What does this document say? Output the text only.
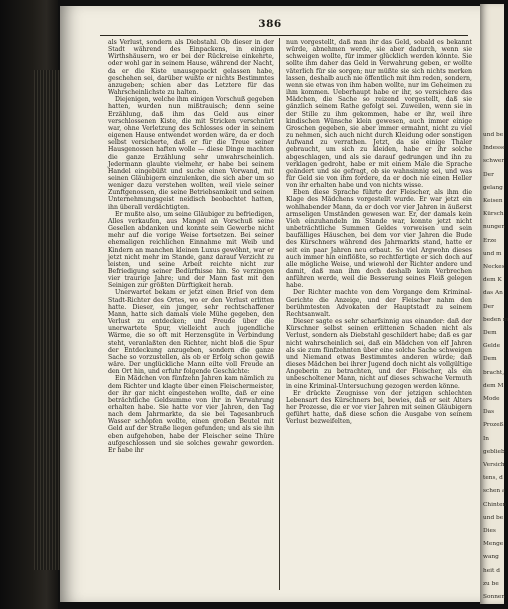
386

als Verlust, sondern als Diebstahl. Ob dieser in der Stadt während des Einpackens, in einigen Wirthshäusern, wo er bei der Rückreise einkehrte, oder wohl gar in seinem Hause, während der Nacht, da er die Kiste unausgepackt gelassen habe, geschehen sei, darüber wußte er nichts Bestimmtes anzugeben; schien aber das Letztere für das Wahrscheinlichste zu halten.

Diejenigen, welche ihm einigen Vorschuß gegeben hatten, wurden nun mißtrauisch; denn seine Erzählung, daß ihm das Geld aus einer verschlossenen Kiste, die mit Stricken verschnürt war, ohne Verletzung des Schlosses oder in seinem eigenen Hause entwendet worden wäre, da er doch selbst versicherte, daß er für die Treue seiner Hausgenossen haften wolle — diese Dinge machten die ganze Erzählung sehr unwahrscheinlich. Jedermann glaubte vielmehr, er habe bei seinem Handel eingebüßt und suche einen Vorwand, mit seinen Gläubigern einzulenken, die sich aber um so weniger dazu verstehen wollten, weil viele seiner Zunftgenossen, die seine Betriebsamkeit und seinen Unternehmungsgeist neidisch beobachtet hatten, ihn überall verdächtigten.

Er mußte also, um seine Gläubiger zu befriedigen, Alles verkaufen, aus Mangel an Vorschuß seine Gesellen abdanken und konnte sein Gewerbe nicht mehr auf die vorige Weise fortsetzen. Bei seiner ehemaligen reichlichen Einnahme mit Weib und Kindern an manchen kleinen Luxus gewöhnt, war er jetzt nicht mehr im Stande, ganz darauf Verzicht zu leisten, und seine Arbeit reichte nicht zur Befriedigung seiner Bedürfnisse hin. So verzingen vier traurige Jahre; und der Mann fast mit den Seinigen zur größten Dürftigkeit herab.

Unerwartet bekam er jetzt einen Brief von dem Stadt-Richter des Ortes, wo er den Verlust erlitten hatte. Dieser, ein junger, sehr rechtschaffener Mann, hatte sich damals viele Mühe gegeben, den Verlust zu entdecken; und Freude über die unerwartete Spur, vielleicht auch jugendliche Wärme, die so oft mit Herzensgüte in Verbindung steht, veranlaßten den Richter, nicht bloß die Spur der Entdeckung anzugeben, sondern die ganze Sache so vorzustellen, als ob er Erfolg schon gewiß wäre. Der unglückliche Mann eilte voll Freude an den Ort hin, und erfuhr folgende Geschichte:

Ein Mädchen von fünfzehn Jahren kam nämlich zu dem Richter und klagte über einen Fleischermeister, der ihr gar nicht eingestehen wollte, daß er eine beträchtliche Geldsumme von ihr in Verwahrung erhalten habe. Sie hatte vor vier Jahren, den Tag nach dem Jahrmarkte, da sie bei Tagesanbruch Wasser schöpfen wollte, einen großen Beutel mit Geld auf der Straße liegen gefunden; und als sie ihn eben aufgehoben, habe der Fleischer seine Thüre aufgeschlossen und sie solches gewahr geworden. Er habe ihr

nun vorgestellt, daß man ihr das Geld, sobald es bekannt würde, abnehmen werde, sie aber dadurch, wenn sie schweigen wollte, für immer glücklich werden könnte. Sie sollte ihm daher das Geld in Verwahrung geben, er wollte väterlich für sie sorgen; nur müßte sie sich nichts merken lassen, deshalb auch nie öffentlich mit ihm reden, sondern, wenn sie etwas von ihm haben wollte, nur im Geheimen zu ihm kommen. Ueberhaupt habe er ihr, so versichere das Mädchen, die Sache so reizend vorgestellt, daß sie gänzlich seinem Rathe gefolgt sei. Zuweilen, wenn sie in der Stille zu ihm gekommen, habe er ihr, weil ihre kindischen Wünsche klein gewesen, auch immer einige Groschen gegeben, sie aber immer ermahnt, nicht zu viel zu nehmen, sich auch nicht durch Kleidung oder sonstigen Aufwand zu verrathen. Jetzt, da sie einige Thaler gebraucht, um sich zu kleiden, habe er ihr solche abgeschlagen, und als sie darauf gedrungen und ihn zu verklagen gedroht, habe er mit einem Male die Sprache geändert und sie gefragt, ob sie wahnsinnig sei, und was für Geld sie von ihm fordere, da er doch nie einen Heller von ihr erhalten habe und von nichts wisse.

Eben diese Sprache führte der Fleischer, als ihm die Klage des Mädchens vorgestellt wurde. Er war jetzt ein wohlhabender Mann, da er doch vor vier Jahren in äußerst armseligen Umständen gewesen war. Er, der damals kein Vieh einzuhandeln im Stande war, konnte jetzt nicht unbeträchtliche Summen Geldes vorweisen und sein baufälliges Häuschen, bei dem vor vier Jahren die Bude des Kürschners während des Jahrmarkts stand, hatte er seit ein paar Jahren neu erbaut. So viel Argwohn dieses auch immer hin einflößte, so rechtfertigte er sich doch auf alle mögliche Weise, und wiewohl der Richter andere und damit, daß man ihm doch deshalb kein Verbrechen anführen werde, weil die Besserung seines Fleiß gelegen habe.

Der Richter machte von dem Vorgange dem Kriminal-Gerichte die Anzeige, und der Fleischer nahm den berühmtesten Advokaten der Hauptstadt zu seinem Rechtsanwalt.

Dieser sagte es sehr scharfsinnig aus einander: daß der Kürschner selbst seinen erlittenen Schaden nicht als Verlust, sondern als Diebstahl geschildert habe; daß es gar nicht wahrscheinlich sei, daß ein Mädchen von elf Jahren als sie zum fünfzehnten über eine solche Sache schweigen und Niemand etwas Bestimmtes anderen würde; daß dieses Mädchen bei ihrer Jugend doch nicht als vollgültige Angeberin zu betrachten, und der Fleischer, als ein unbescholtener Mann, nicht auf dieses schwache Vermuth in eine Kriminal-Untersuchung gezogen werden könne.

Er drückte Zeugnisse von der jetzigen schlechten Lebensart des Kürschners bei, bewies, daß er seit Alters her Prozesse, die er vor vier Jahren mit seinen Gläubigern geführt hatte, daß diese schon die Ausgabe von seinem Verlust bezweifelten,

und be
Indesse
schwer
Der
gelang
Keisen
Kürsch
nungen
Erze
und m
Neckes
dem K
das An
Der
beden m
Dem
Gelde
Dem
bracht,
dem M
Mode
Das
Prozeß
In
geblieb
Versich
tens, d
schen a
Chinten
und be
Dies
Menge
wang
heit d
zu be
Sonnen
